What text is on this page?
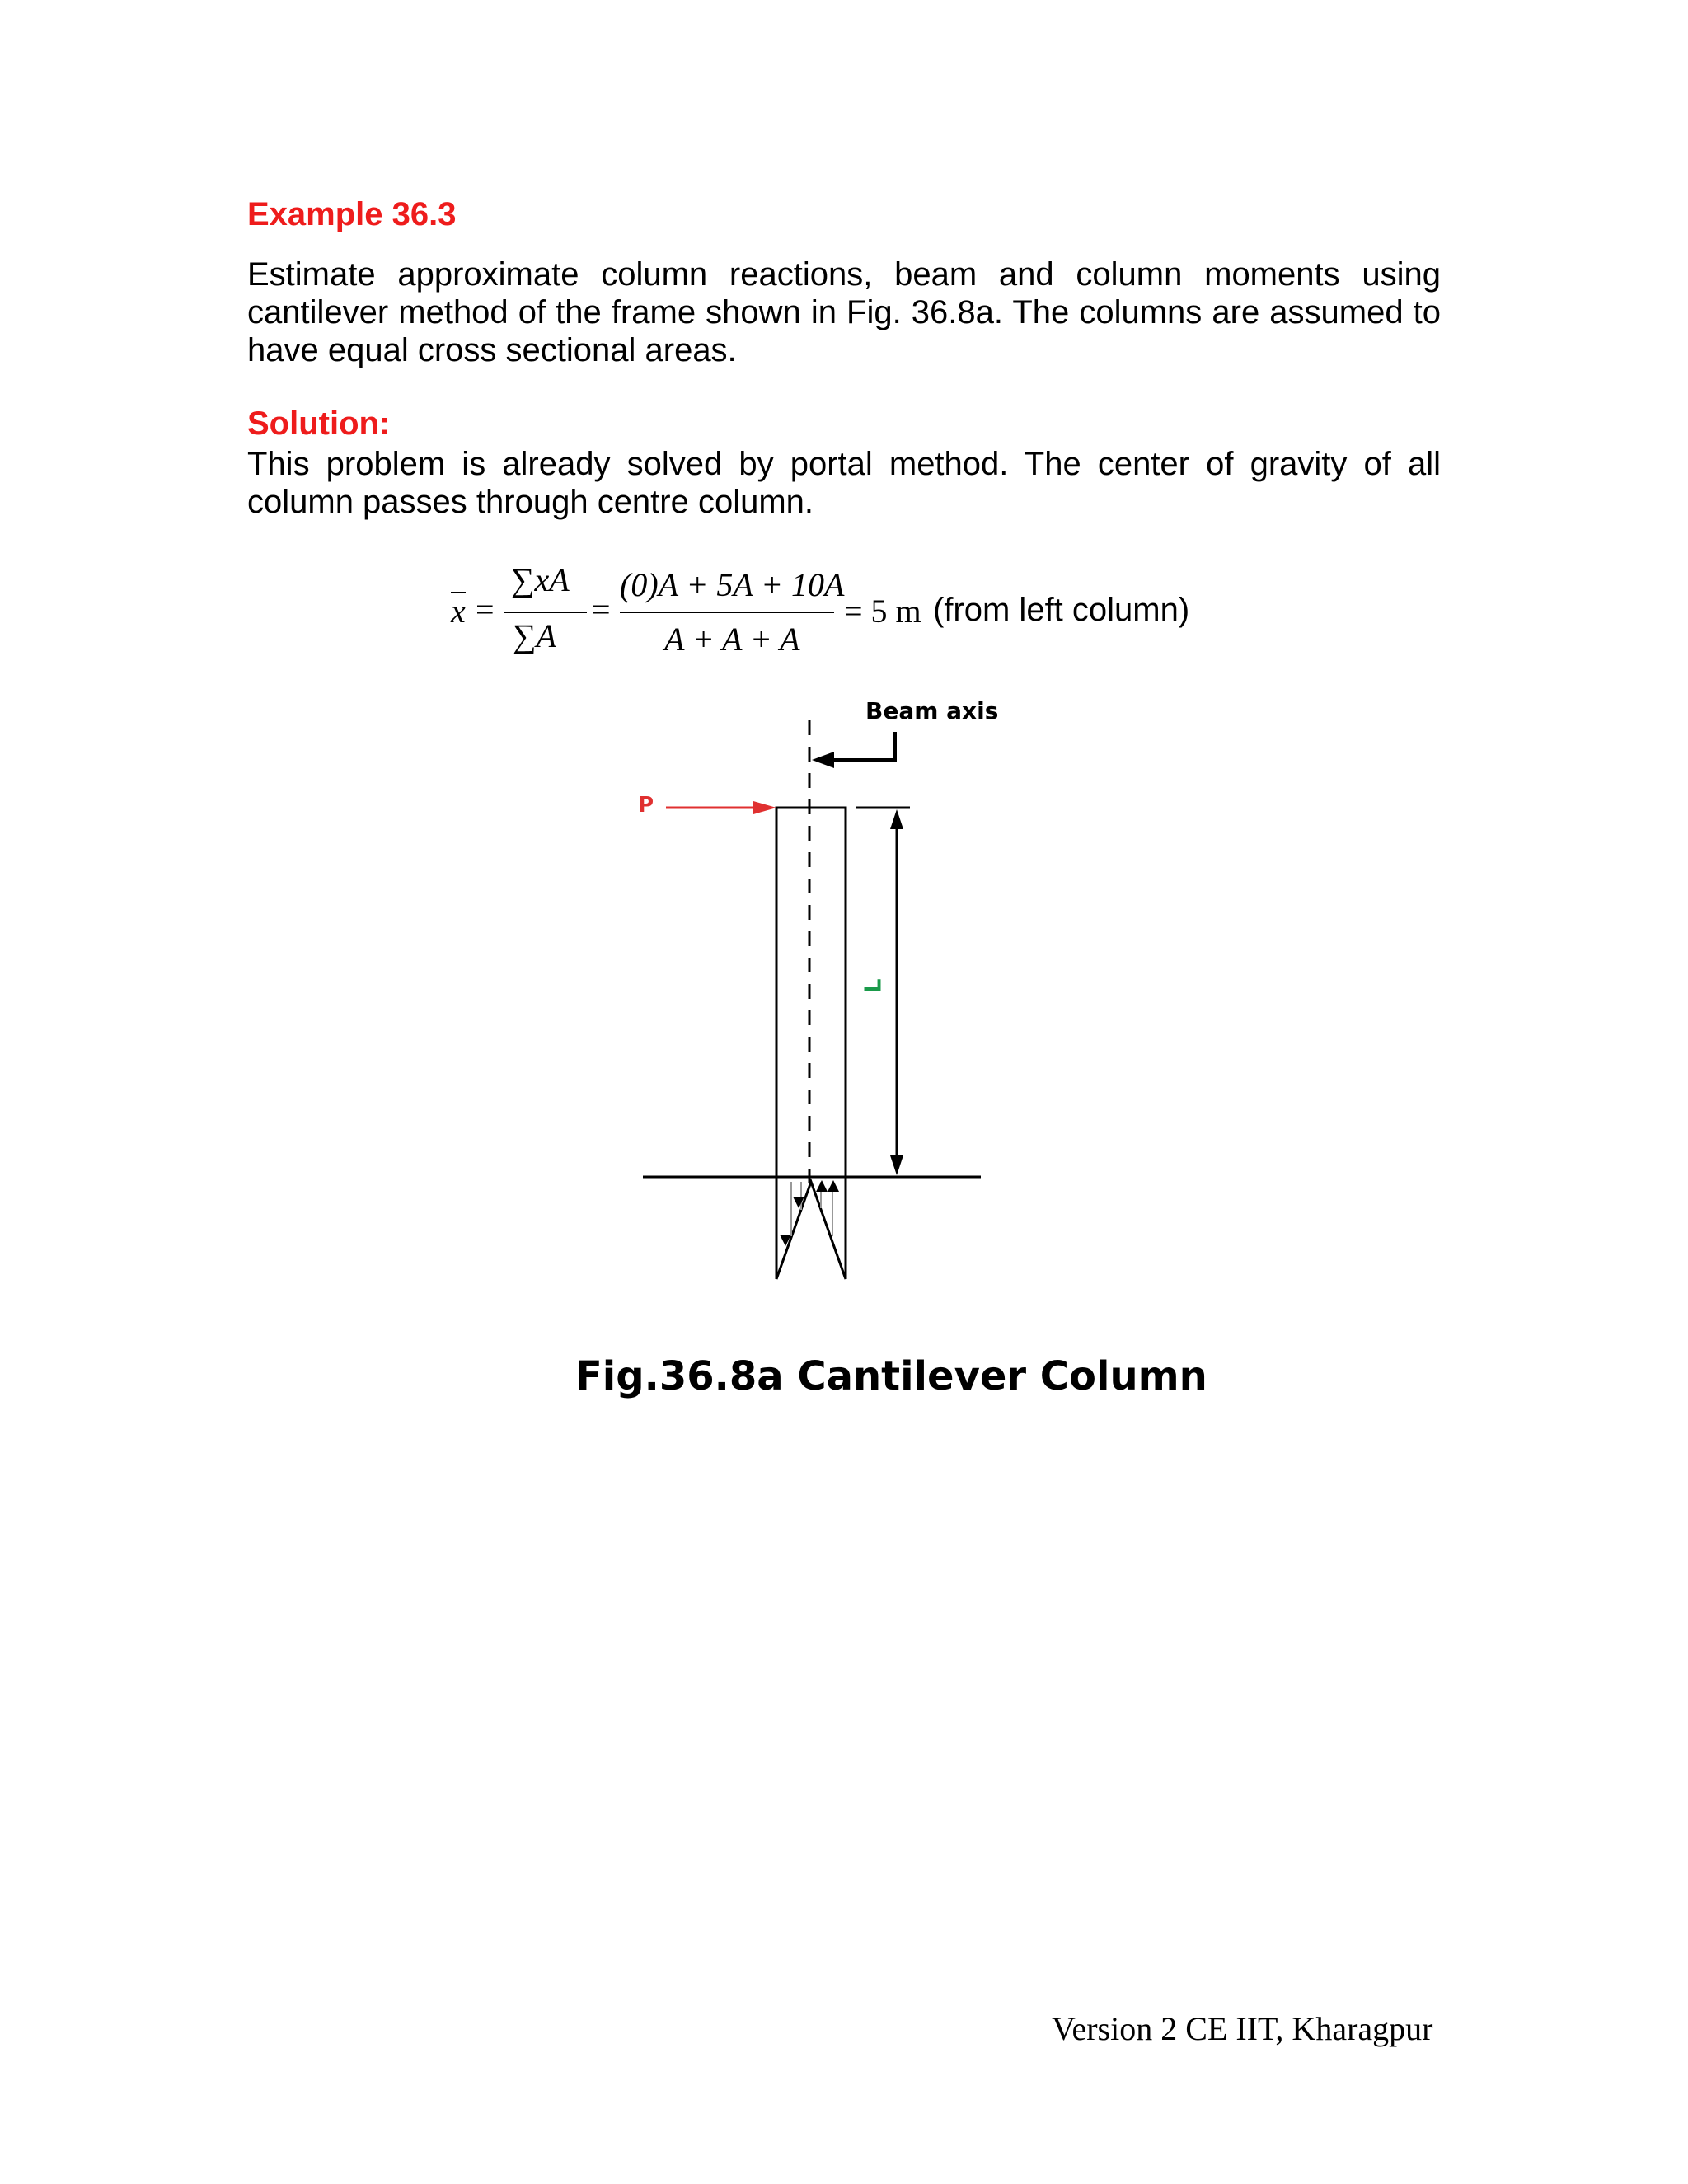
Example 36.3
Estimate approximate column reactions, beam and column moments using cantilever method of the frame shown in Fig. 36.8a. The columns are assumed to have equal cross sectional areas.
Solution:
This problem is already solved by portal method. The center of gravity of all column passes through centre column.
x =
∑xA
∑A
=
(0)A + 5A + 10A
A + A + A
= 5 m (from left column)
Beam axis
P
L
Fig.36.8a Cantilever Column
Version 2 CE IIT, Kharagpur
